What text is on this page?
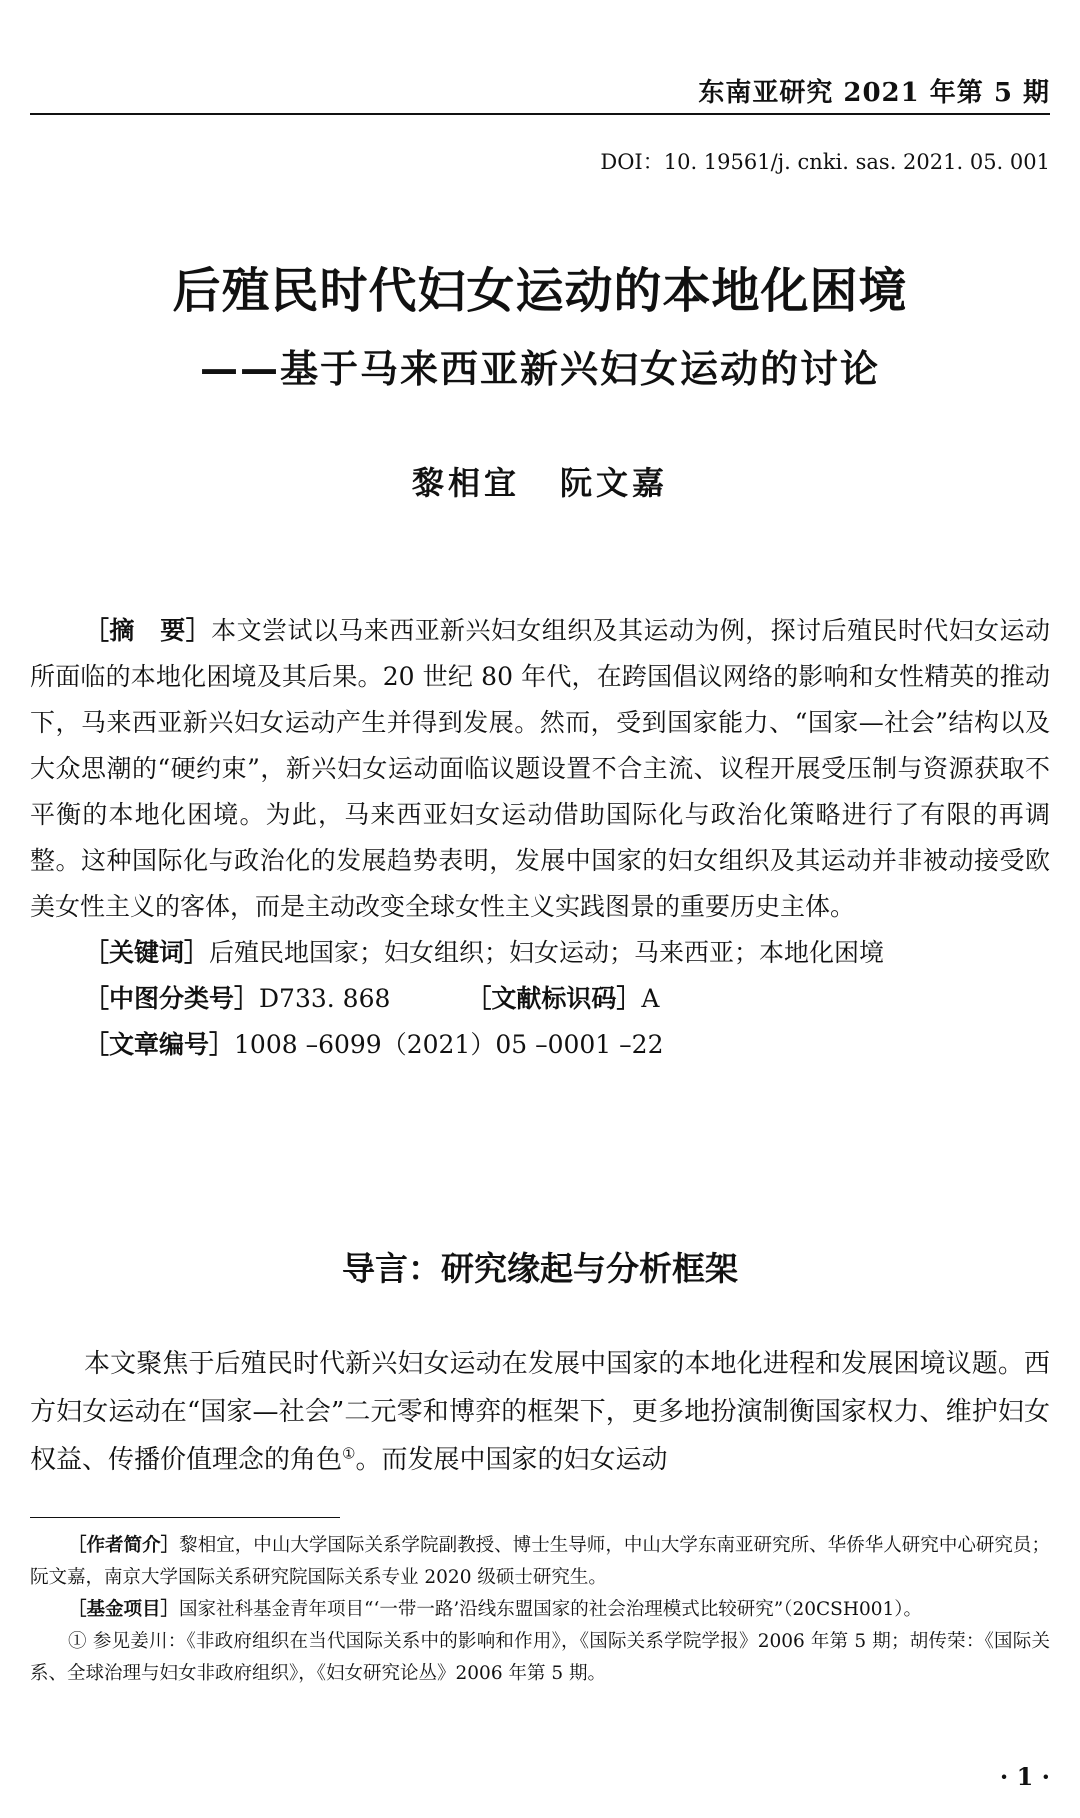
东南亚研究 2021 年第 5 期
DOI：10. 19561/j. cnki. sas. 2021. 05. 001
后殖民时代妇女运动的本地化困境
——基于马来西亚新兴妇女运动的讨论
黎相宜 阮文嘉

［摘　要］本文尝试以马来西亚新兴妇女组织及其运动为例，探讨后殖民时代妇女运动所面临的本地化困境及其后果。20 世纪 80 年代，在跨国倡议网络的影响和女性精英的推动下，马来西亚新兴妇女运动产生并得到发展。然而，受到国家能力、“国家—社会”结构以及大众思潮的“硬约束”，新兴妇女运动面临议题设置不合主流、议程开展受压制与资源获取不平衡的本地化困境。为此，马来西亚妇女运动借助国际化与政治化策略进行了有限的再调整。这种国际化与政治化的发展趋势表明，发展中国家的妇女组织及其运动并非被动接受欧美女性主义的客体，而是主动改变全球女性主义实践图景的重要历史主体。

［关键词］后殖民地国家；妇女组织；妇女运动；马来西亚；本地化困境

［中图分类号］D733. 868	［文献标识码］A

［文章编号］1008 –6099（2021）05 –0001 –22

导言：研究缘起与分析框架

本文聚焦于后殖民时代新兴妇女运动在发展中国家的本地化进程和发展困境议题。西方妇女运动在“国家—社会”二元零和博弈的框架下，更多地扮演制衡国家权力、维护妇女权益、传播价值理念的角色①。而发展中国家的妇女运动

［作者简介］黎相宜，中山大学国际关系学院副教授、博士生导师，中山大学东南亚研究所、华侨华人研究中心研究员；阮文嘉，南京大学国际关系研究院国际关系专业 2020 级硕士研究生。

［基金项目］国家社科基金青年项目“‘一带一路’沿线东盟国家的社会治理模式比较研究”（20CSH001）。

① 参见姜川：《非政府组织在当代国际关系中的影响和作用》，《国际关系学院学报》2006 年第 5 期；胡传荣：《国际关系、全球治理与妇女非政府组织》，《妇女研究论丛》2006 年第 5 期。

· 1 ·
